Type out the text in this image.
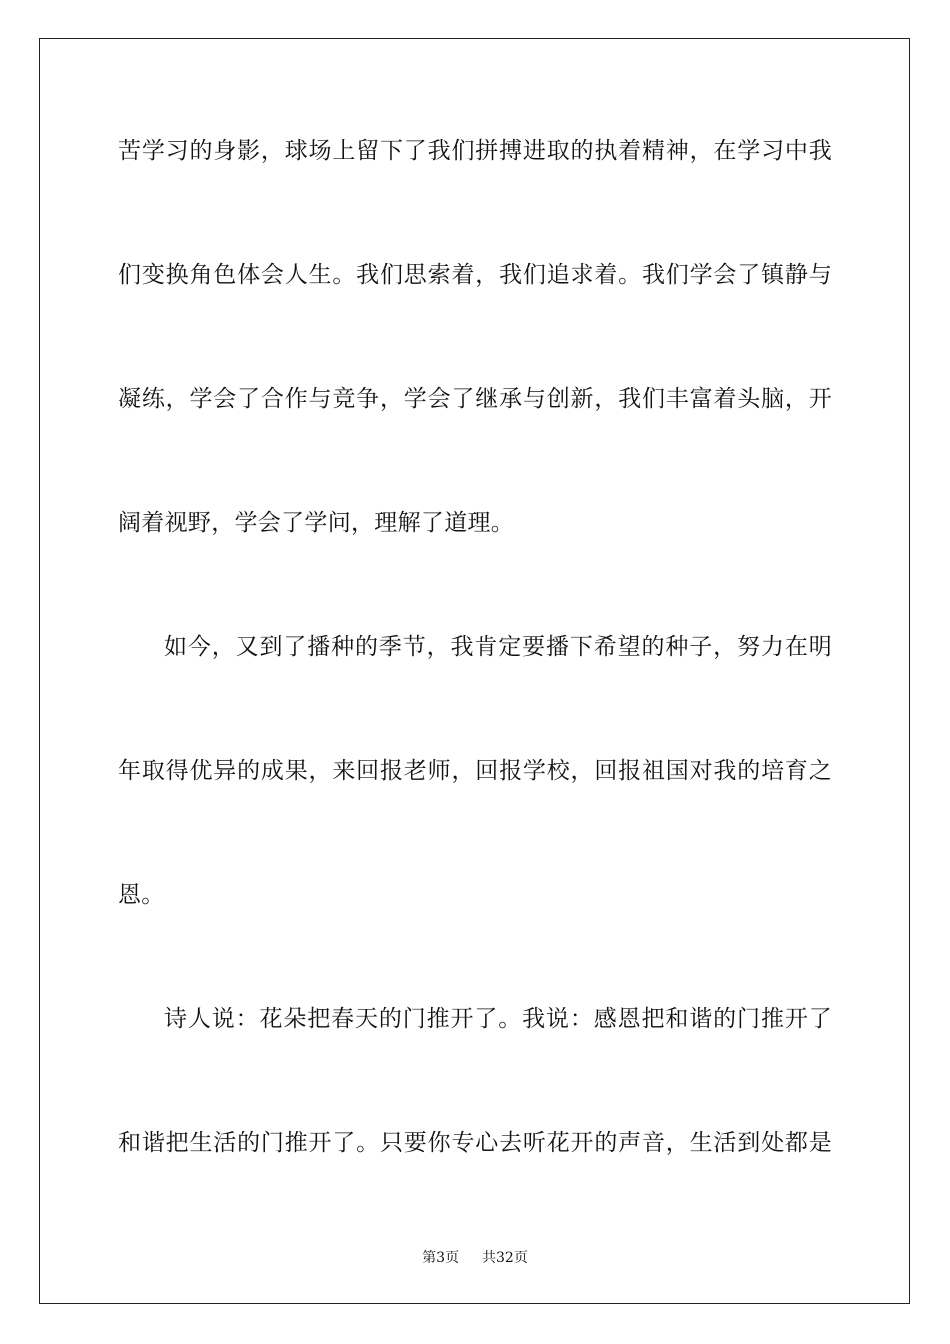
苦学习的身影，球场上留下了我们拼搏进取的执着精神，在学习中我
们变换角色体会人生。我们思索着，我们追求着。我们学会了镇静与
凝练，学会了合作与竞争，学会了继承与创新，我们丰富着头脑，开
阔着视野，学会了学问，理解了道理。
如今，又到了播种的季节，我肯定要播下希望的种子，努力在明
年取得优异的成果，来回报老师，回报学校，回报祖国对我的培育之
恩。
诗人说：花朵把春天的门推开了。我说：感恩把和谐的门推开了
和谐把生活的门推开了。只要你专心去听花开的声音，生活到处都是
第3页 共32页
